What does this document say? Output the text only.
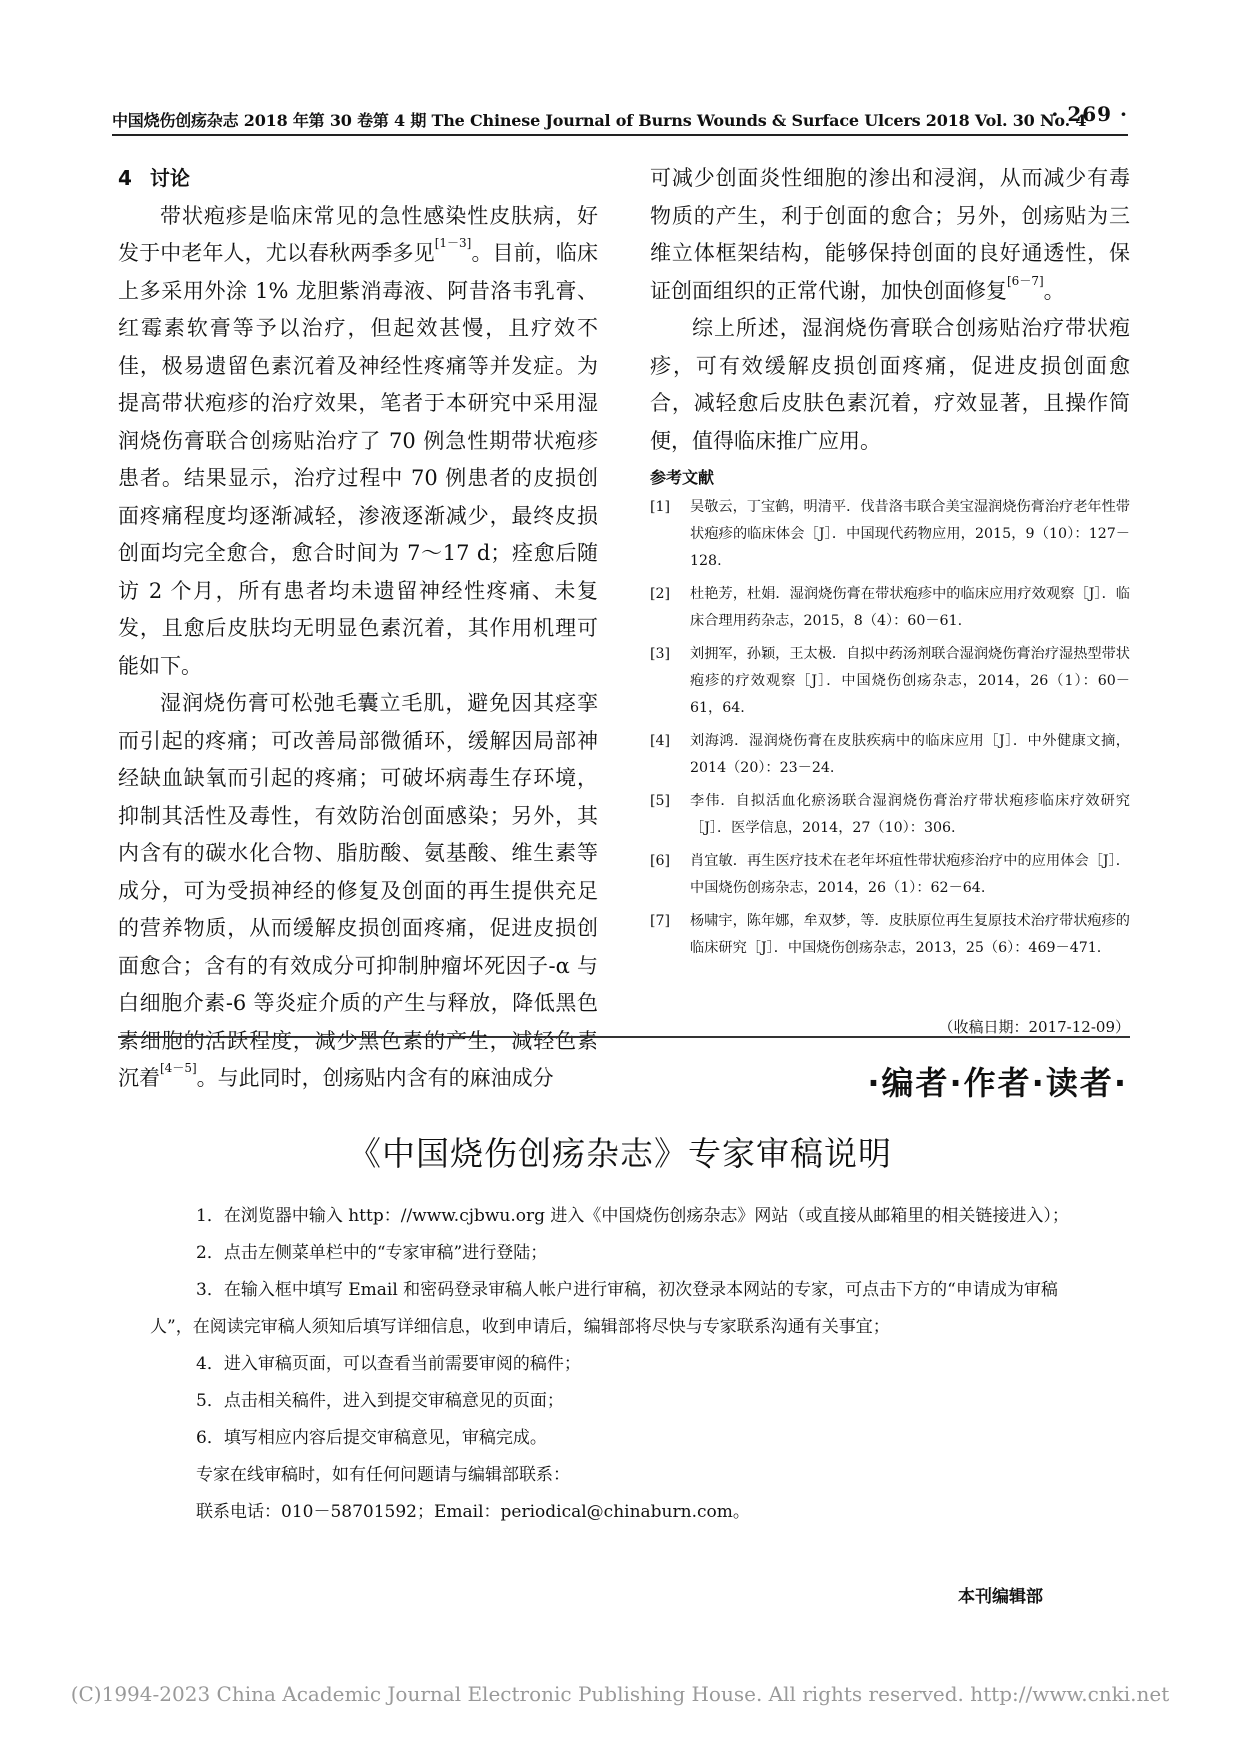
中国烧伤创疡杂志 2018 年第 30 卷第 4 期 The Chinese Journal of Burns Wounds & Surface Ulcers 2018 Vol. 30 No. 4
· 269 ·

4 讨论

带状疱疹是临床常见的急性感染性皮肤病，好发于中老年人，尤以春秋两季多见[1－3]。目前，临床上多采用外涂 1% 龙胆紫消毒液、阿昔洛韦乳膏、红霉素软膏等予以治疗，但起效甚慢，且疗效不佳，极易遗留色素沉着及神经性疼痛等并发症。为提高带状疱疹的治疗效果，笔者于本研究中采用湿润烧伤膏联合创疡贴治疗了 70 例急性期带状疱疹患者。结果显示，治疗过程中 70 例患者的皮损创面疼痛程度均逐渐减轻，渗液逐渐减少，最终皮损创面均完全愈合，愈合时间为 7～17 d；痊愈后随访 2 个月，所有患者均未遗留神经性疼痛、未复发，且愈后皮肤均无明显色素沉着，其作用机理可能如下。

湿润烧伤膏可松弛毛囊立毛肌，避免因其痉挛而引起的疼痛；可改善局部微循环，缓解因局部神经缺血缺氧而引起的疼痛；可破坏病毒生存环境，抑制其活性及毒性，有效防治创面感染；另外，其内含有的碳水化合物、脂肪酸、氨基酸、维生素等成分，可为受损神经的修复及创面的再生提供充足的营养物质，从而缓解皮损创面疼痛，促进皮损创面愈合；含有的有效成分可抑制肿瘤坏死因子-α 与白细胞介素-6 等炎症介质的产生与释放，降低黑色素细胞的活跃程度，减少黑色素的产生，减轻色素沉着[4－5]。与此同时，创疡贴内含有的麻油成分

可减少创面炎性细胞的渗出和浸润，从而减少有毒物质的产生，利于创面的愈合；另外，创疡贴为三维立体框架结构，能够保持创面的良好通透性，保证创面组织的正常代谢，加快创面修复[6－7]。

综上所述，湿润烧伤膏联合创疡贴治疗带状疱疹，可有效缓解皮损创面疼痛，促进皮损创面愈合，减轻愈后皮肤色素沉着，疗效显著，且操作简便，值得临床推广应用。

参考文献
[1] 吴敬云，丁宝鹤，明清平．伐昔洛韦联合美宝湿润烧伤膏治疗老年性带状疱疹的临床体会［J］．中国现代药物应用，2015，9（10）：127－128.
[2] 杜艳芳，杜娟．湿润烧伤膏在带状疱疹中的临床应用疗效观察［J］．临床合理用药杂志，2015，8（4）：60－61.
[3] 刘拥军，孙颖，王太极．自拟中药汤剂联合湿润烧伤膏治疗湿热型带状疱疹的疗效观察［J］．中国烧伤创疡杂志，2014，26（1）：60－61，64.
[4] 刘海鸿．湿润烧伤膏在皮肤疾病中的临床应用［J］．中外健康文摘，2014（20）：23－24.
[5] 李伟．自拟活血化瘀汤联合湿润烧伤膏治疗带状疱疹临床疗效研究［J］．医学信息，2014，27（10）：306.
[6] 肖宜敏．再生医疗技术在老年坏疽性带状疱疹治疗中的应用体会［J］．中国烧伤创疡杂志，2014，26（1）：62－64.
[7] 杨啸宇，陈年娜，牟双梦，等．皮肤原位再生复原技术治疗带状疱疹的临床研究［J］．中国烧伤创疡杂志，2013，25（6）：469－471.
（收稿日期：2017-12-09）
·编者·作者·读者·
《中国烧伤创疡杂志》专家审稿说明

1．在浏览器中输入 http：//www.cjbwu.org 进入《中国烧伤创疡杂志》网站（或直接从邮箱里的相关链接进入）；

2．点击左侧菜单栏中的“专家审稿”进行登陆；

3．在输入框中填写 Email 和密码登录审稿人帐户进行审稿，初次登录本网站的专家，可点击下方的“申请成为审稿人”，在阅读完审稿人须知后填写详细信息，收到申请后，编辑部将尽快与专家联系沟通有关事宜；

4．进入审稿页面，可以查看当前需要审阅的稿件；

5．点击相关稿件，进入到提交审稿意见的页面；

6．填写相应内容后提交审稿意见，审稿完成。

专家在线审稿时，如有任何问题请与编辑部联系：

联系电话：010－58701592；Email：periodical@chinaburn.com。

本刊编辑部
(C)1994-2023 China Academic Journal Electronic Publishing House. All rights reserved. http://www.cnki.net
